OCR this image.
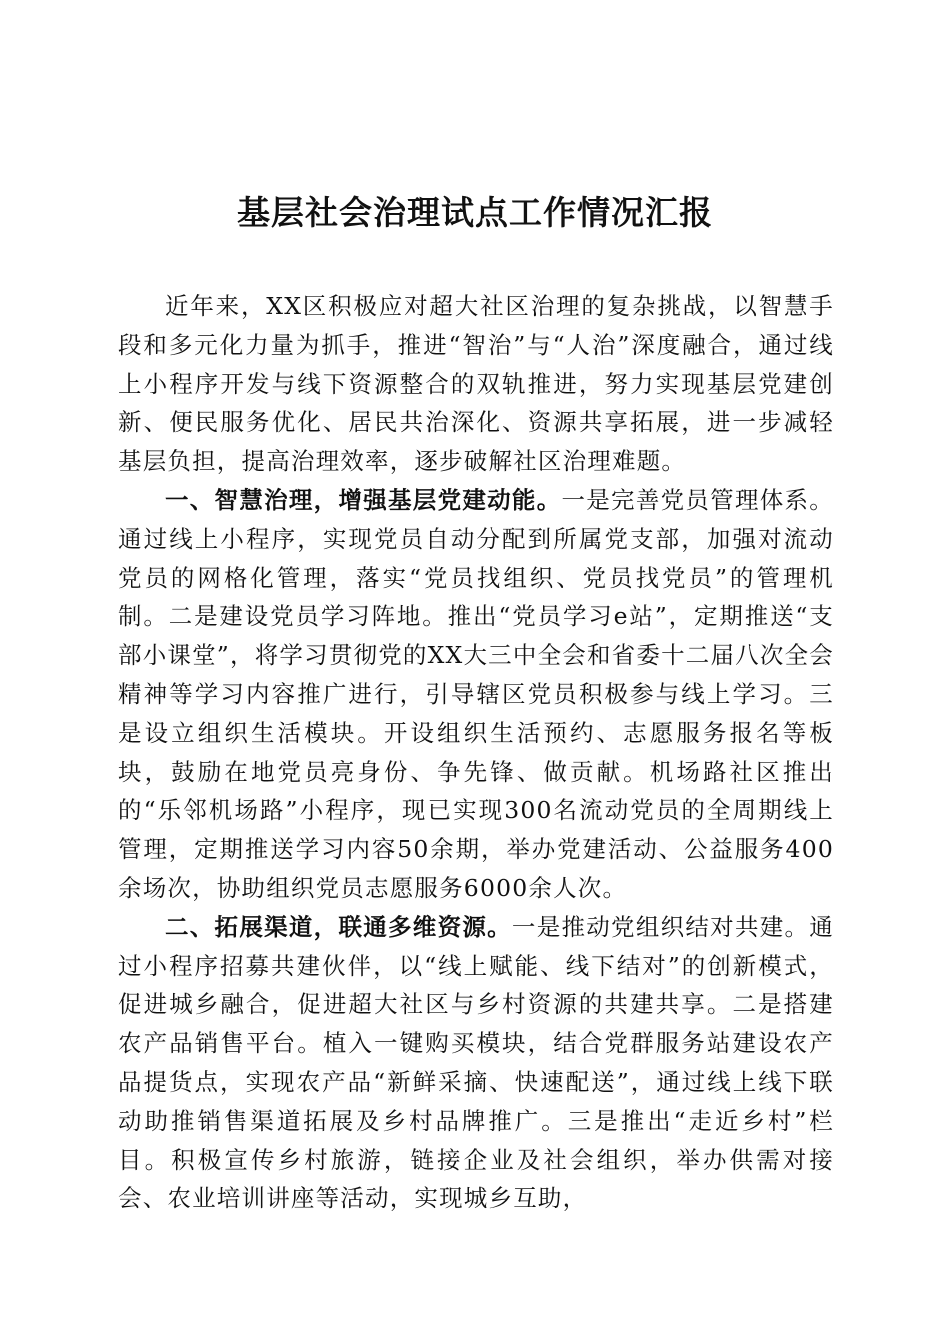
基层社会治理试点工作情况汇报

近年来，XX区积极应对超大社区治理的复杂挑战，以智慧手段和多元化力量为抓手，推进“智治”与“人治”深度融合，通过线上小程序开发与线下资源整合的双轨推进，努力实现基层党建创新、便民服务优化、居民共治深化、资源共享拓展，进一步减轻基层负担，提高治理效率，逐步破解社区治理难题。

一、智慧治理，增强基层党建动能。一是完善党员管理体系。通过线上小程序，实现党员自动分配到所属党支部，加强对流动党员的网格化管理，落实“党员找组织、党员找党员”的管理机制。二是建设党员学习阵地。推出“党员学习e站”，定期推送“支部小课堂”，将学习贯彻党的XX大三中全会和省委十二届八次全会精神等学习内容推广进行，引导辖区党员积极参与线上学习。三是设立组织生活模块。开设组织生活预约、志愿服务报名等板块，鼓励在地党员亮身份、争先锋、做贡献。机场路社区推出的“乐邻机场路”小程序，现已实现300名流动党员的全周期线上管理，定期推送学习内容50余期，举办党建活动、公益服务400余场次，协助组织党员志愿服务6000余人次。

二、拓展渠道，联通多维资源。一是推动党组织结对共建。通过小程序招募共建伙伴，以“线上赋能、线下结对”的创新模式，促进城乡融合，促进超大社区与乡村资源的共建共享。二是搭建农产品销售平台。植入一键购买模块，结合党群服务站建设农产品提货点，实现农产品“新鲜采摘、快速配送”，通过线上线下联动助推销售渠道拓展及乡村品牌推广。三是推出“走近乡村”栏目。积极宣传乡村旅游，链接企业及社会组织，举办供需对接会、农业培训讲座等活动，实现城乡互助，
